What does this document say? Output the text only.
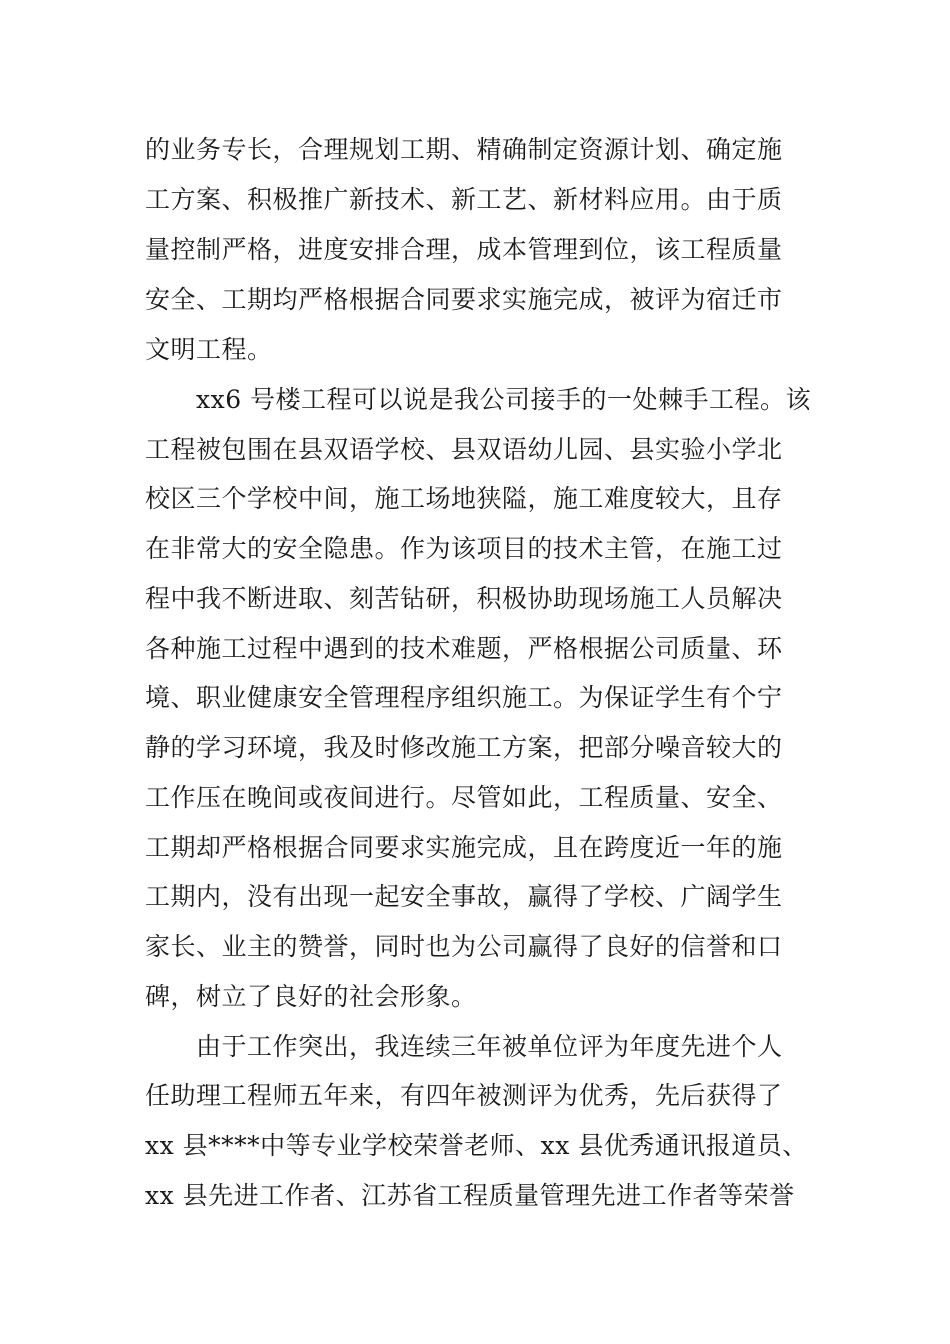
的业务专长，合理规划工期、精确制定资源计划、确定施
工方案、积极推广新技术、新工艺、新材料应用。由于质
量控制严格，进度安排合理，成本管理到位，该工程质量
安全、工期均严格根据合同要求实施完成，被评为宿迁市
文明工程。
xx6 号楼工程可以说是我公司接手的一处棘手工程。该
工程被包围在县双语学校、县双语幼儿园、县实验小学北
校区三个学校中间，施工场地狭隘，施工难度较大，且存
在非常大的安全隐患。作为该项目的技术主管，在施工过
程中我不断进取、刻苦钻研，积极协助现场施工人员解决
各种施工过程中遇到的技术难题，严格根据公司质量、环
境、职业健康安全管理程序组织施工。为保证学生有个宁
静的学习环境，我及时修改施工方案，把部分噪音较大的
工作压在晚间或夜间进行。尽管如此，工程质量、安全、
工期却严格根据合同要求实施完成，且在跨度近一年的施
工期内，没有出现一起安全事故，赢得了学校、广阔学生
家长、业主的赞誉，同时也为公司赢得了良好的信誉和口
碑，树立了良好的社会形象。
由于工作突出，我连续三年被单位评为年度先进个人
任助理工程师五年来，有四年被测评为优秀，先后获得了
xx 县****中等专业学校荣誉老师、xx 县优秀通讯报道员、
xx 县先进工作者、江苏省工程质量管理先进工作者等荣誉
